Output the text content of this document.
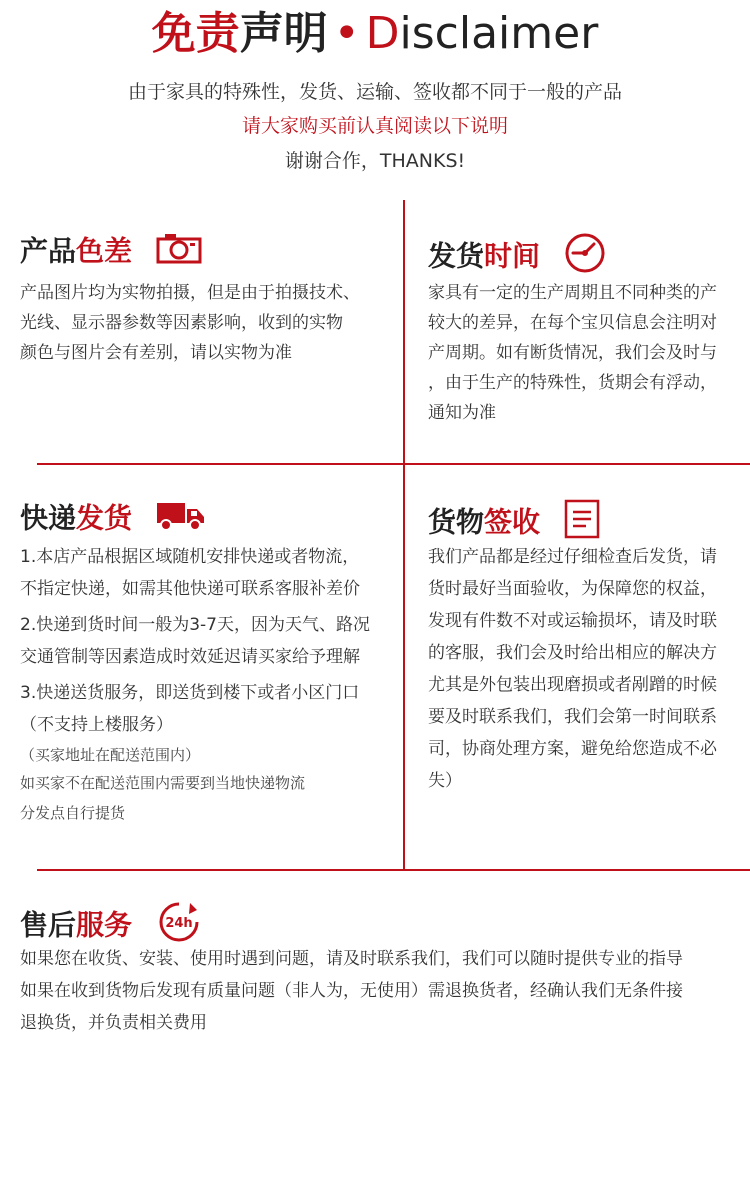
免责声明 • Disclaimer
由于家具的特殊性，发货、运输、签收都不同于一般的产品
请大家购买前认真阅读以下说明
谢谢合作，THANKS!
产品色差
产品图片均为实物拍摄，但是由于拍摄技术、
光线、显示器参数等因素影响，收到的实物
颜色与图片会有差别，请以实物为准
发货时间
家具有一定的生产周期且不同种类的产
较大的差异，在每个宝贝信息会注明对
产周期。如有断货情况，我们会及时与
，由于生产的特殊性，货期会有浮动，
通知为准
快递发货
1.本店产品根据区域随机安排快递或者物流，
不指定快递，如需其他快递可联系客服补差价
2.快递到货时间一般为3-7天，因为天气、路况
交通管制等因素造成时效延迟请买家给予理解
3.快递送货服务，即送货到楼下或者小区门口
（不支持上楼服务）
（买家地址在配送范围内）
如买家不在配送范围内需要到当地快递物流
分发点自行提货
货物签收
我们产品都是经过仔细检查后发货，请
货时最好当面验收，为保障您的权益，
发现有件数不对或运输损坏，请及时联
的客服，我们会及时给出相应的解决方
尤其是外包装出现磨损或者剐蹭的时候
要及时联系我们，我们会第一时间联系
司，协商处理方案，避免给您造成不必
失）
售后服务	24h
如果您在收货、安装、使用时遇到问题，请及时联系我们，我们可以随时提供专业的指导
如果在收到货物后发现有质量问题（非人为，无使用）需退换货者，经确认我们无条件接
退换货，并负责相关费用
